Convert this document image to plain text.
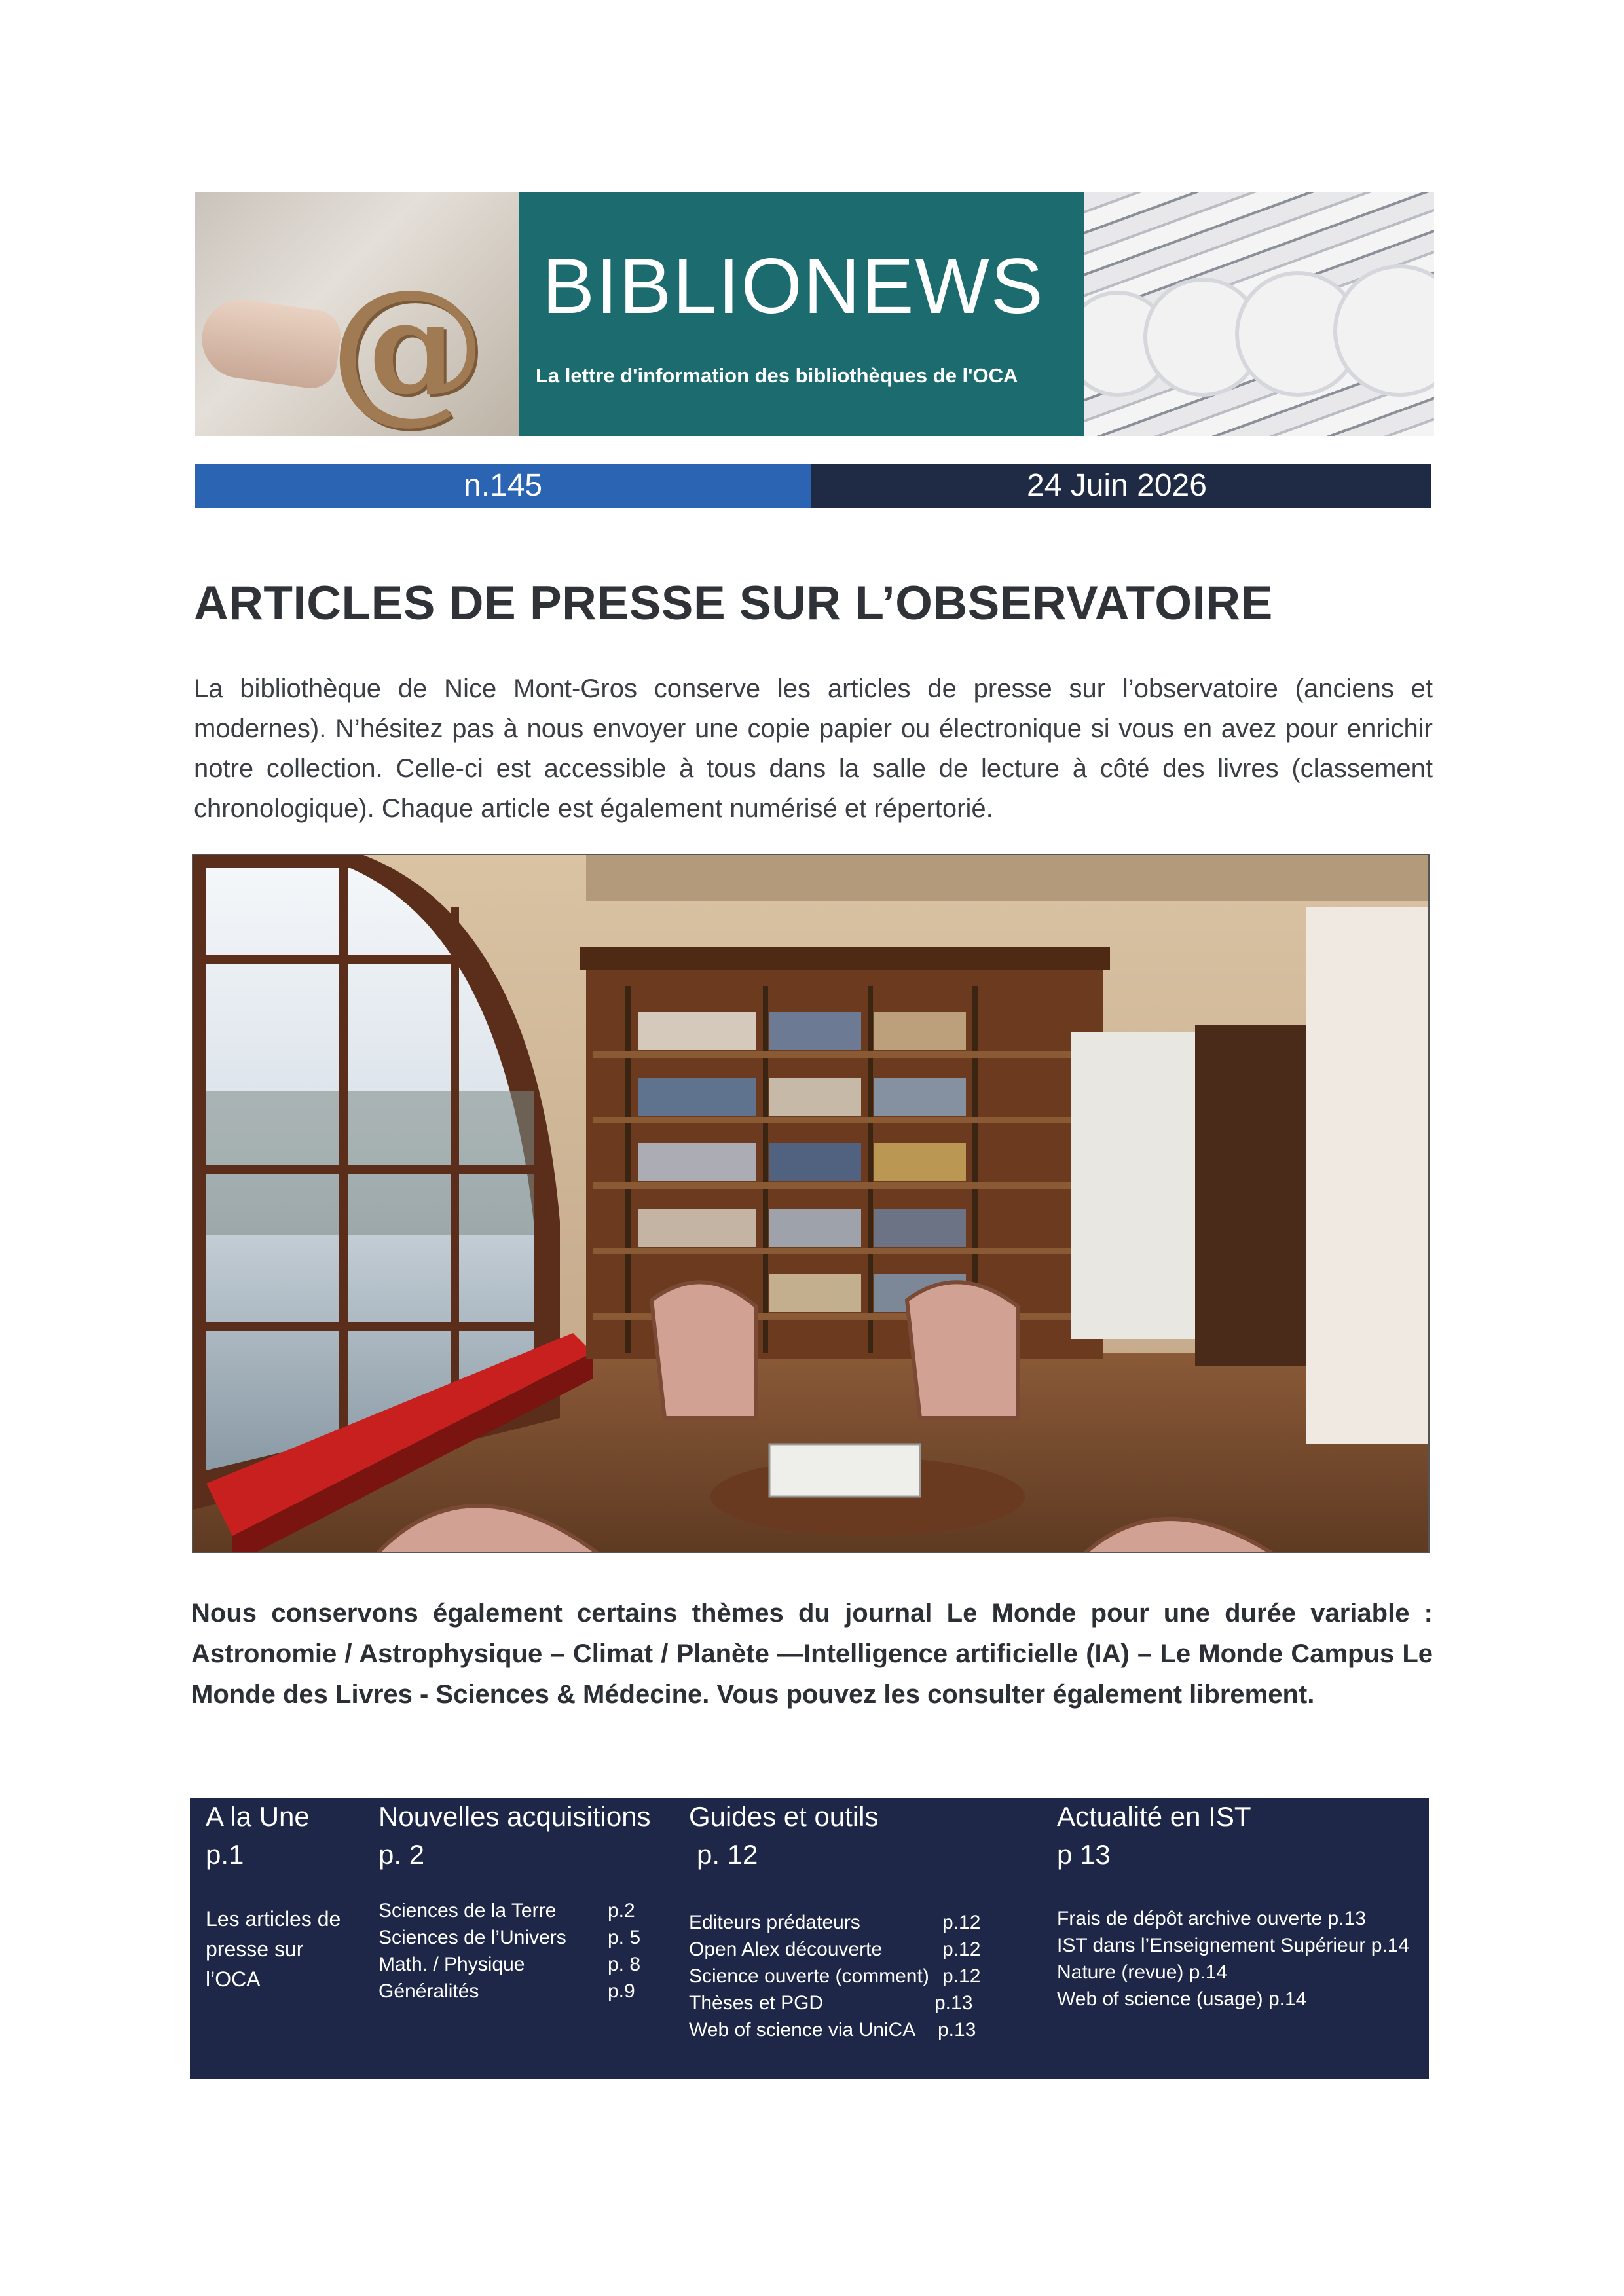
@ BIBLIONEWS
La lettre d'information des bibliothèques de l'OCA
n.145	24 Juin 2026
ARTICLES DE PRESSE SUR L’OBSERVATOIRE
La bibliothèque de Nice Mont-Gros conserve les articles de presse sur l’observatoire (anciens et modernes). N’hésitez pas à nous envoyer une copie papier ou électronique si vous en avez pour enrichir notre collection. Celle-ci est accessible à tous dans la salle de lecture à côté des livres (classement chronologique). Chaque article est également numérisé et répertorié.
Nous conservons également certains thèmes du journal Le Monde pour une durée variable : Astronomie / Astrophysique – Climat / Planète —Intelligence artificielle (IA) – Le Monde Campus Le Monde des Livres - Sciences & Médecine. Vous pouvez les consulter également librement.
A la Une
p.1
Les articles de presse sur l’OCA
Nouvelles acquisitions
p. 2
Sciences de la Terre	p.2
Sciences de l’Univers p. 5
Math. / Physique	p. 8
Généralités	p.9
Guides et outils
p. 12
Editeurs prédateurs	p.12
Open Alex découverte	p.12
Science ouverte (comment) p.12
Thèses et PGD	p.13
Web of science via UniCA p.13
Actualité en IST
p 13
Frais de dépôt archive ouverte p.13
IST dans l’Enseignement Supérieur p.14
Nature (revue) p.14
Web of science (usage) p.14
